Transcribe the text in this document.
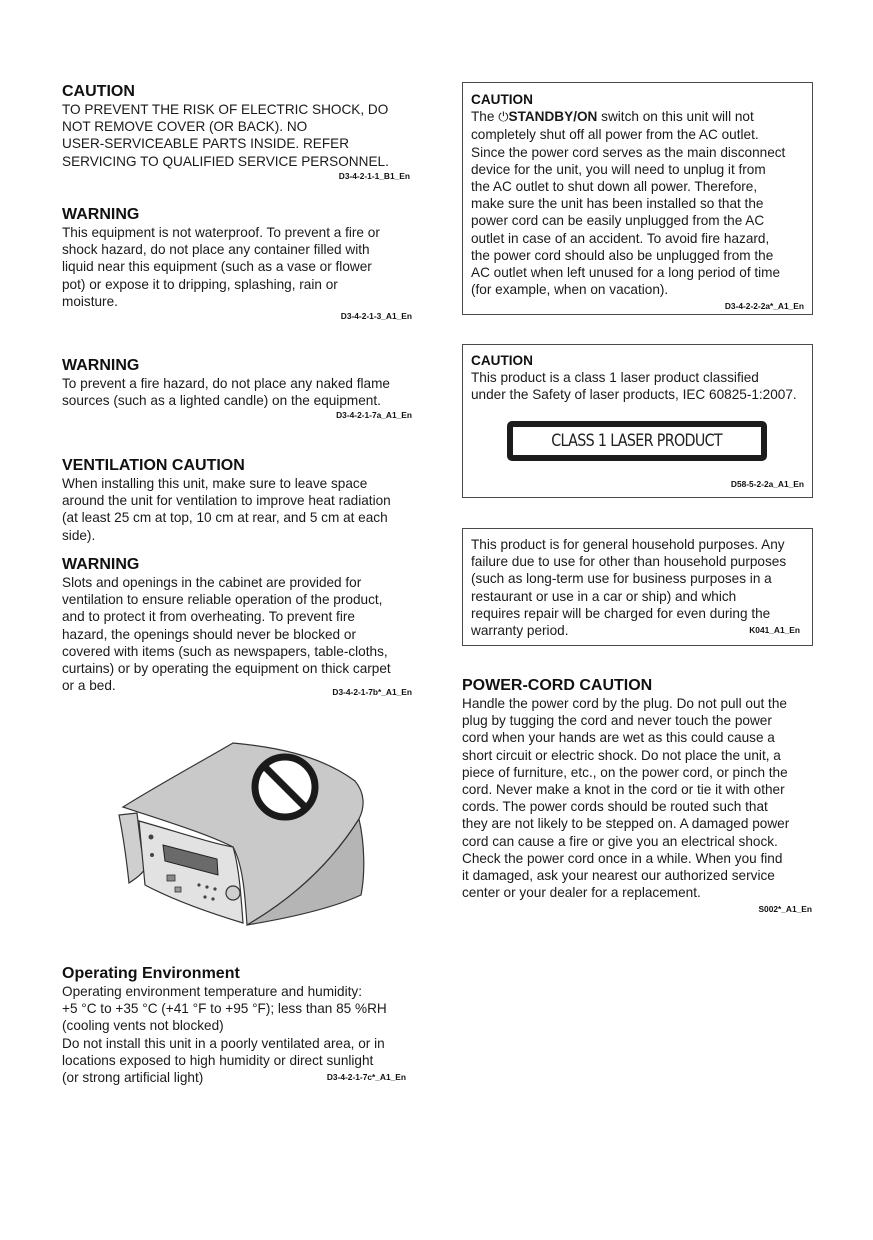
CAUTION
TO PREVENT THE RISK OF ELECTRIC SHOCK, DO
NOT REMOVE COVER (OR BACK). NO
USER-SERVICEABLE PARTS INSIDE. REFER
SERVICING TO QUALIFIED SERVICE PERSONNEL.
D3-4-2-1-1_B1_En
WARNING
This equipment is not waterproof. To prevent a fire or
shock hazard, do not place any container filled with
liquid near this equipment (such as a vase or flower
pot) or expose it to dripping, splashing, rain or
moisture.
D3-4-2-1-3_A1_En
WARNING
To prevent a fire hazard, do not place any naked flame
sources (such as a lighted candle) on the equipment.
D3-4-2-1-7a_A1_En
VENTILATION CAUTION
When installing this unit, make sure to leave space
around the unit for ventilation to improve heat radiation
(at least 25 cm at top, 10 cm at rear, and 5 cm at each
side).
WARNING
Slots and openings in the cabinet are provided for
ventilation to ensure reliable operation of the product,
and to protect it from overheating. To prevent fire
hazard, the openings should never be blocked or
covered with items (such as newspapers, table-cloths,
curtains) or by operating the equipment on thick carpet
or a bed.	D3-4-2-1-7b*_A1_En
Operating Environment
Operating environment temperature and humidity:
+5 °C to +35 °C (+41 °F to +95 °F); less than 85 %RH
(cooling vents not blocked)
Do not install this unit in a poorly ventilated area, or in
locations exposed to high humidity or direct sunlight
(or strong artificial light)	D3-4-2-1-7c*_A1_En
CAUTION
The ⏻STANDBY/ON switch on this unit will not
completely shut off all power from the AC outlet.
Since the power cord serves as the main disconnect
device for the unit, you will need to unplug it from
the AC outlet to shut down all power. Therefore,
make sure the unit has been installed so that the
power cord can be easily unplugged from the AC
outlet in case of an accident. To avoid fire hazard,
the power cord should also be unplugged from the
AC outlet when left unused for a long period of time
(for example, when on vacation).
D3-4-2-2-2a*_A1_En
CAUTION
This product is a class 1 laser product classified
under the Safety of laser products, IEC 60825-1:2007.
CLASS 1 LASER PRODUCT
D58-5-2-2a_A1_En
This product is for general household purposes. Any
failure due to use for other than household purposes
(such as long-term use for business purposes in a
restaurant or use in a car or ship) and which
requires repair will be charged for even during the
warranty period.	K041_A1_En
POWER-CORD CAUTION
Handle the power cord by the plug. Do not pull out the
plug by tugging the cord and never touch the power
cord when your hands are wet as this could cause a
short circuit or electric shock. Do not place the unit, a
piece of furniture, etc., on the power cord, or pinch the
cord. Never make a knot in the cord or tie it with other
cords. The power cords should be routed such that
they are not likely to be stepped on. A damaged power
cord can cause a fire or give you an electrical shock.
Check the power cord once in a while. When you find
it damaged, ask your nearest our authorized service
center or your dealer for a replacement.
S002*_A1_En
